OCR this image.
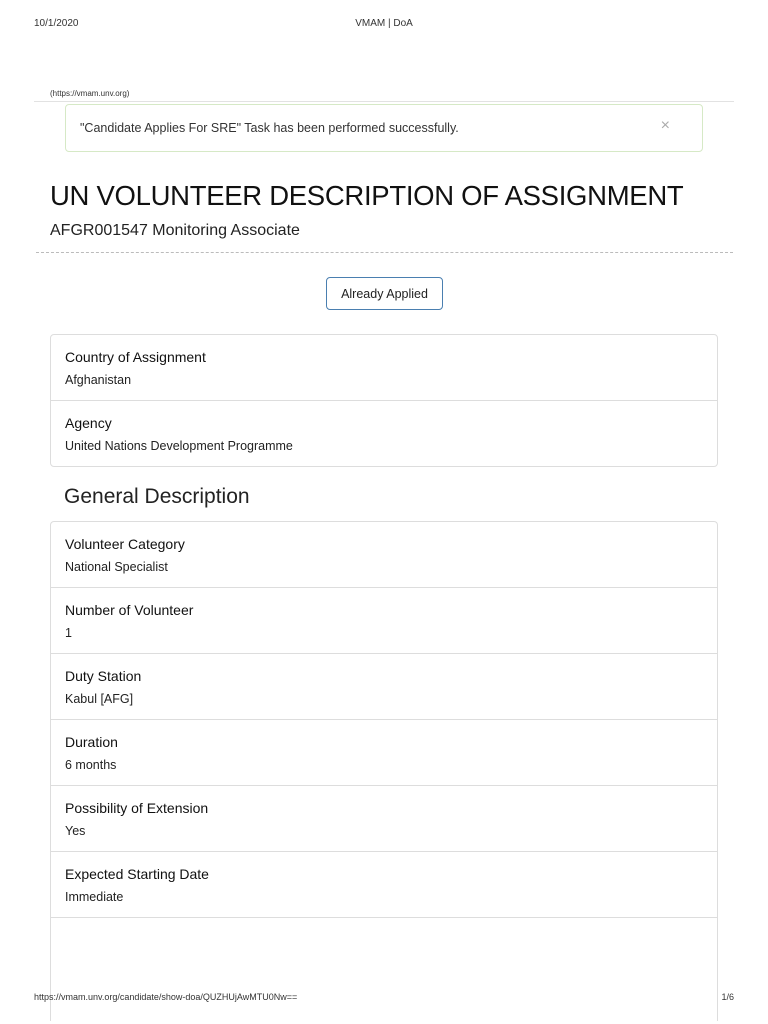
10/1/2020	VMAM | DoA
(https://vmam.unv.org)
"Candidate Applies For SRE" Task has been performed successfully.	×
UN VOLUNTEER DESCRIPTION OF ASSIGNMENT
AFGR001547 Monitoring Associate
Already Applied
Country of Assignment
Afghanistan
Agency
United Nations Development Programme
General Description
Volunteer Category
National Specialist
Number of Volunteer
1
Duty Station
Kabul [AFG]
Duration
6 months
Possibility of Extension
Yes
Expected Starting Date
Immediate
https://vmam.unv.org/candidate/show-doa/QUZHUjAwMTU0Nw==	1/6
